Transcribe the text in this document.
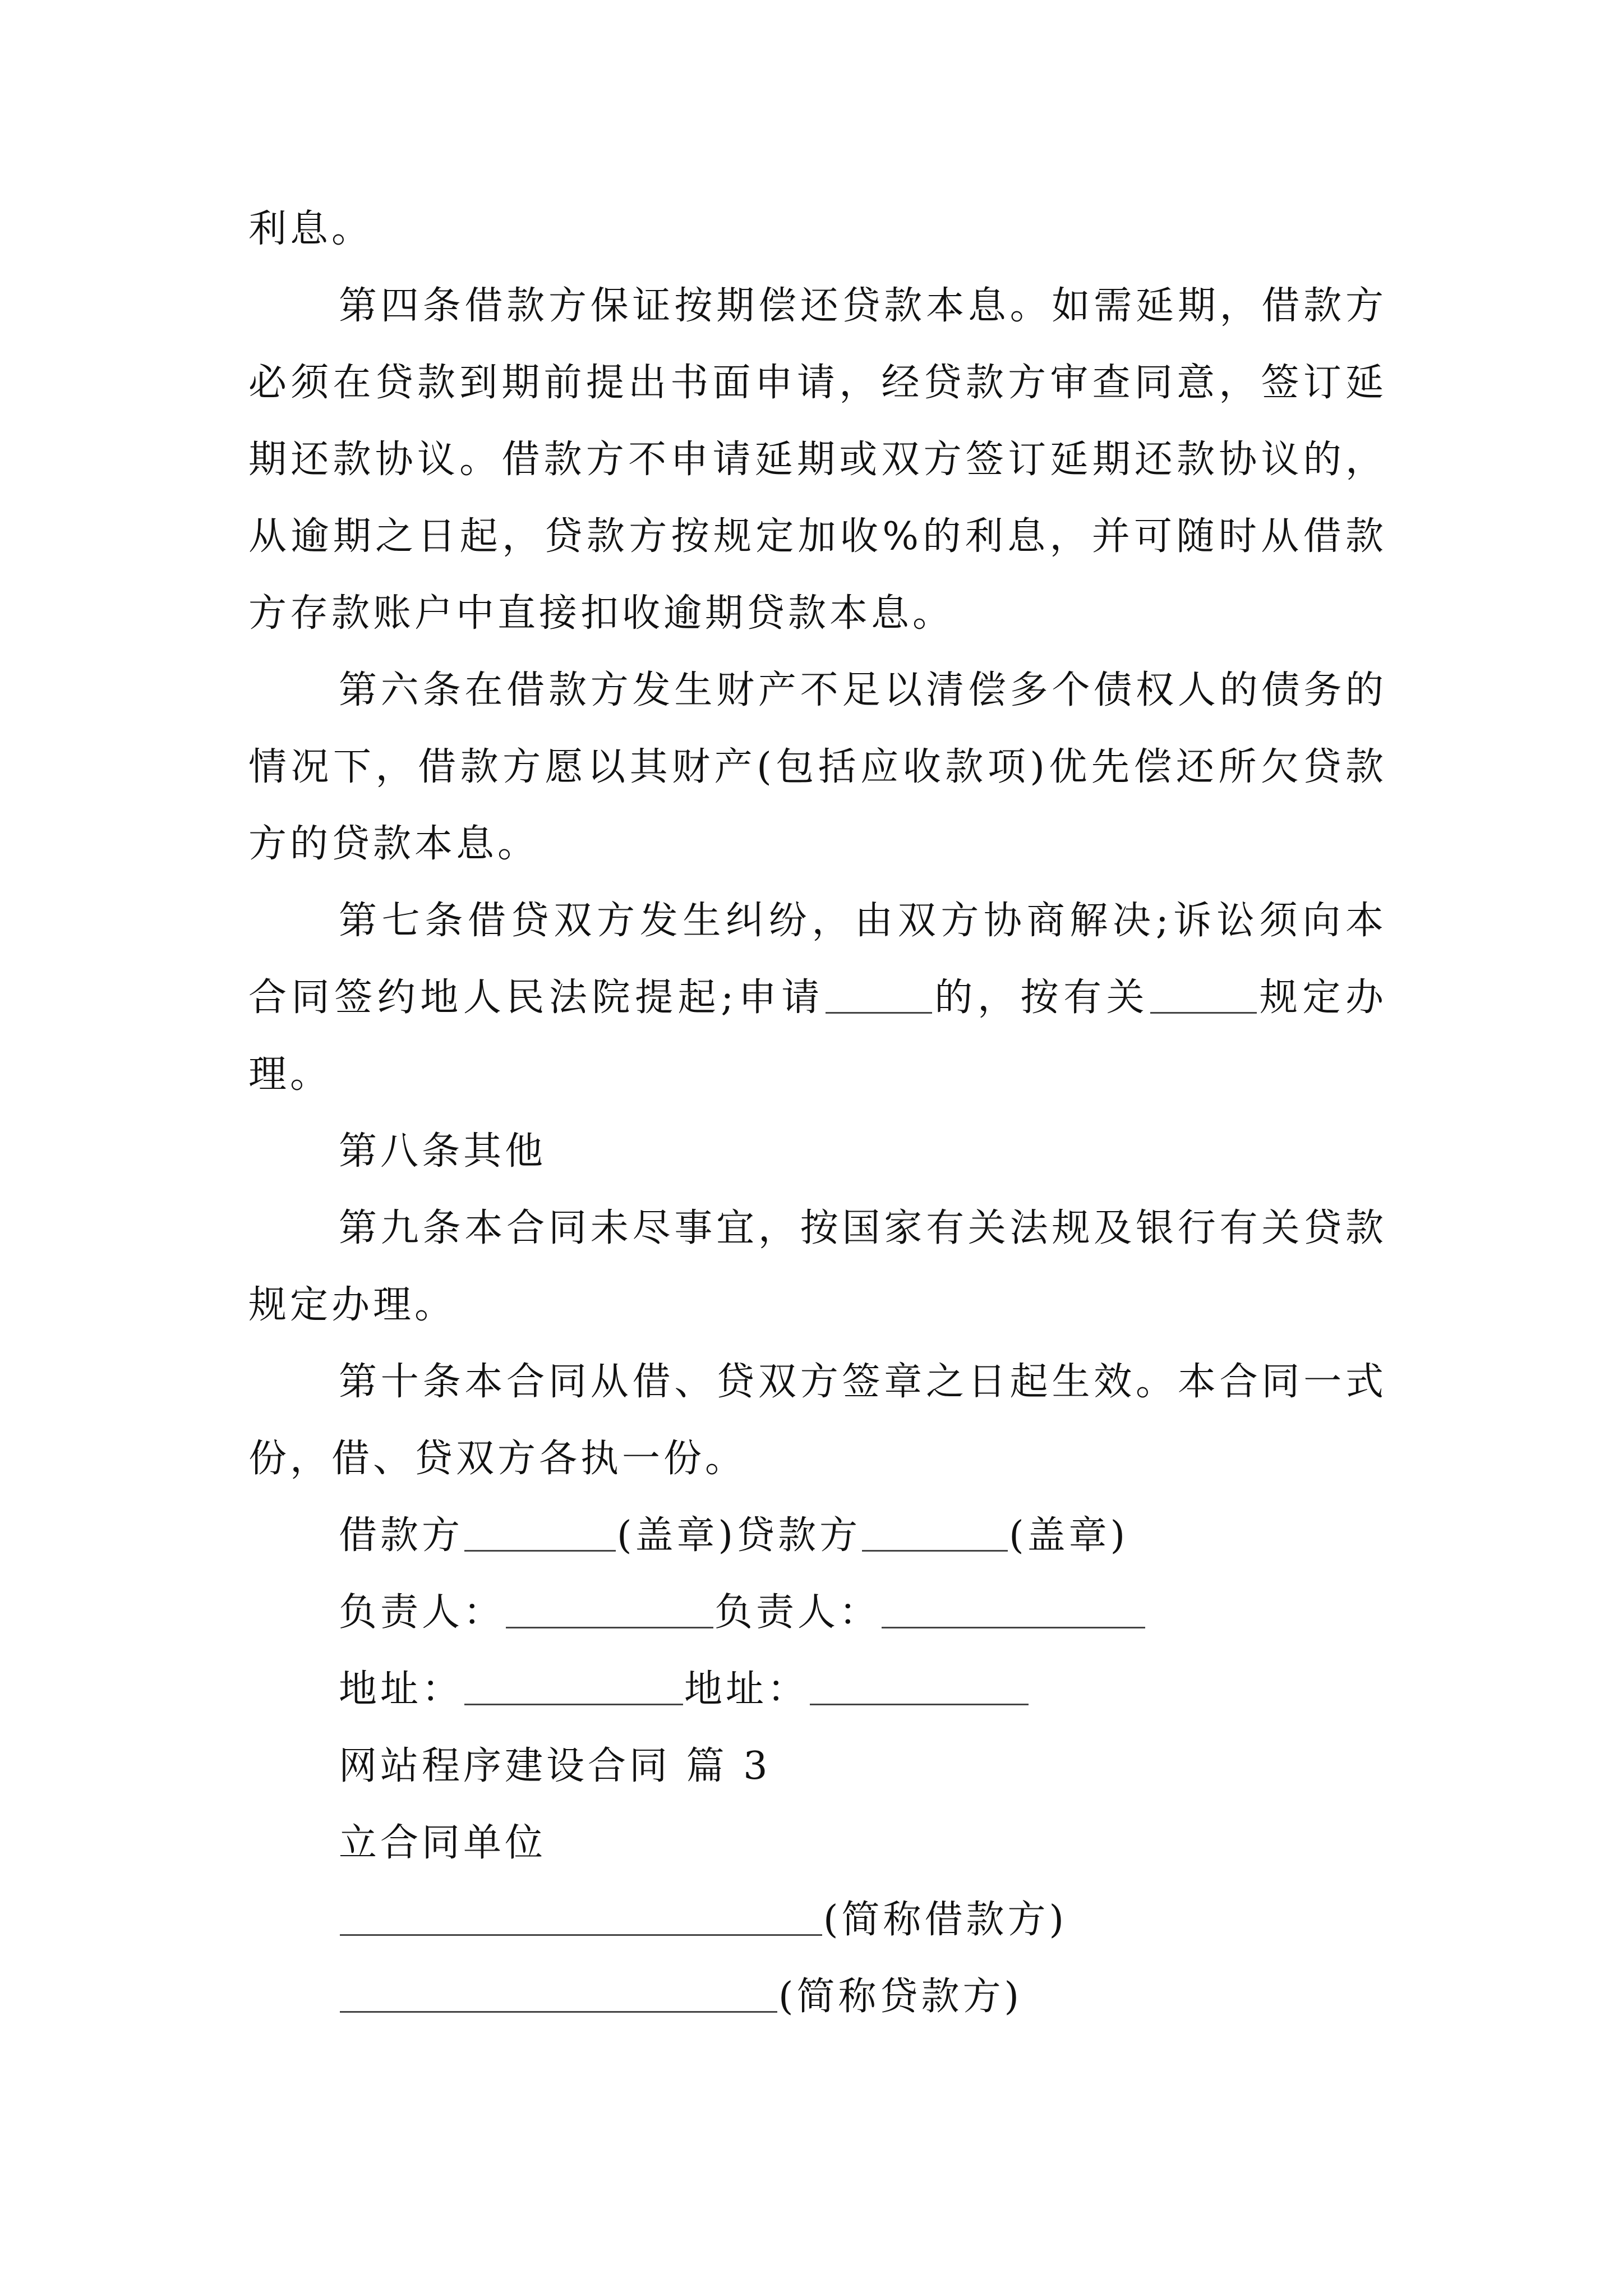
利息。

第四条借款方保证按期偿还贷款本息。如需延期，借款方必须在贷款到期前提出书面申请，经贷款方审查同意，签订延期还款协议。借款方不申请延期或双方签订延期还款协议的，从逾期之日起，贷款方按规定加收%的利息，并可随时从借款方存款账户中直接扣收逾期贷款本息。

第六条在借款方发生财产不足以清偿多个债权人的债务的情况下，借款方愿以其财产(包括应收款项)优先偿还所欠贷款方的贷款本息。

第七条借贷双方发生纠纷，由双方协商解决;诉讼须向本合同签约地人民法院提起;申请	的，按有关	规定办理。

第八条其他

第九条本合同未尽事宜，按国家有关法规及银行有关贷款规定办理。

第十条本合同从借、贷双方签章之日起生效。本合同一式份，借、贷双方各执一份。

借款方	(盖章)贷款方	(盖章)
负责人：	负责人：
地址：	地址：
网站程序建设合同 篇 3
立合同单位
(简称借款方)
(简称贷款方)
